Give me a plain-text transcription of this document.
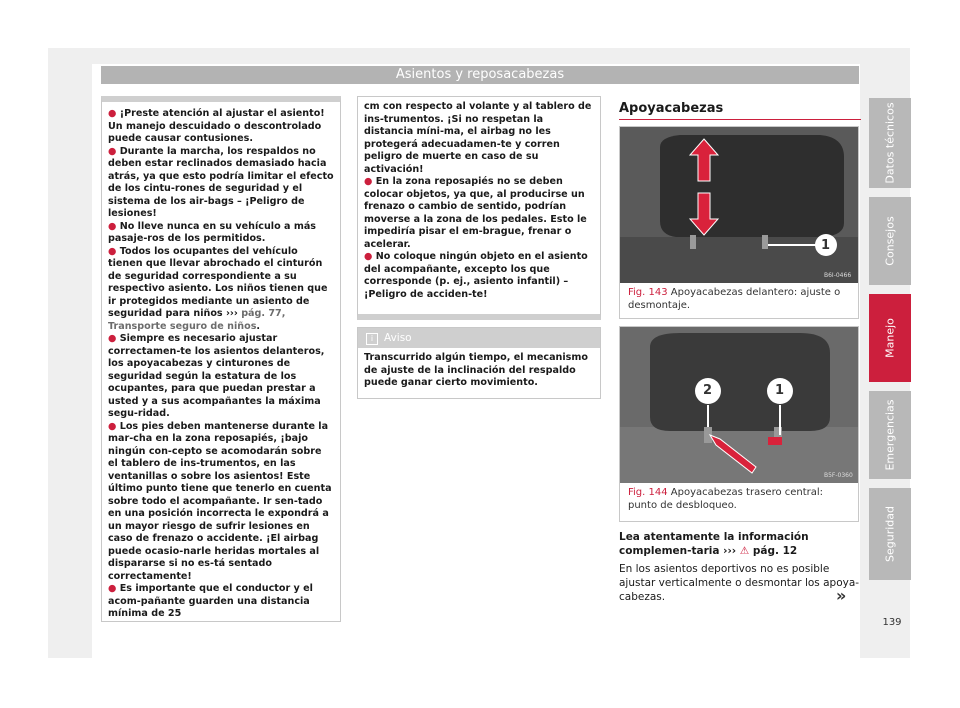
Asientos y reposacabezas

● ¡Preste atención al ajustar el asiento! Un manejo descuidado o descontrolado puede causar contusiones.

● Durante la marcha, los respaldos no deben estar reclinados demasiado hacia atrás, ya que esto podría limitar el efecto de los cintu-rones de seguridad y el sistema de los air-bags – ¡Peligro de lesiones!

● No lleve nunca en su vehículo a más pasaje-ros de los permitidos.

● Todos los ocupantes del vehículo tienen que llevar abrochado el cinturón de seguridad correspondiente a su respectivo asiento. Los niños tienen que ir protegidos mediante un asiento de seguridad para niños ››› pág. 77, Transporte seguro de niños.

● Siempre es necesario ajustar correctamen-te los asientos delanteros, los apoyacabezas y cinturones de seguridad según la estatura de los ocupantes, para que puedan prestar a usted y a sus acompañantes la máxima segu-ridad.

● Los pies deben mantenerse durante la mar-cha en la zona reposapiés, ¡bajo ningún con-cepto se acomodarán sobre el tablero de ins-trumentos, en las ventanillas o sobre los asientos! Este último punto tiene que tenerlo en cuenta sobre todo el acompañante. Ir sen-tado en una posición incorrecta le expondrá a un mayor riesgo de sufrir lesiones en caso de frenazo o accidente. ¡El airbag puede ocasio-narle heridas mortales al dispararse si no es-tá sentado correctamente!

● Es importante que el conductor y el acom-pañante guarden una distancia mínima de 25

cm con respecto al volante y al tablero de ins-trumentos. ¡Si no respetan la distancia míni-ma, el airbag no les protegerá adecuadamen-te y corren peligro de muerte en caso de su activación!

● En la zona reposapiés no se deben colocar objetos, ya que, al producirse un frenazo o cambio de sentido, podrían moverse a la zona de los pedales. Esto le impediría pisar el em-brague, frenar o acelerar.

● No coloque ningún objeto en el asiento del acompañante, excepto los que corresponde (p. ej., asiento infantil) – ¡Peligro de acciden-te!

i Aviso
Transcurrido algún tiempo, el mecanismo de ajuste de la inclinación del respaldo puede ganar cierto movimiento.
Apoyacabezas
1
B6I-0466
Fig. 143 Apoyacabezas delantero: ajuste o desmontaje.
2	1
B5F-0360
Fig. 144 Apoyacabezas trasero central: punto de desbloqueo.

Lea atentamente la información complemen-taria ››› ⚠ pág. 12

En los asientos deportivos no es posible ajustar verticalmente o desmontar los apoya-cabezas.	»
Datos técnicos
Consejos
Manejo
Emergencias
Seguridad
139
